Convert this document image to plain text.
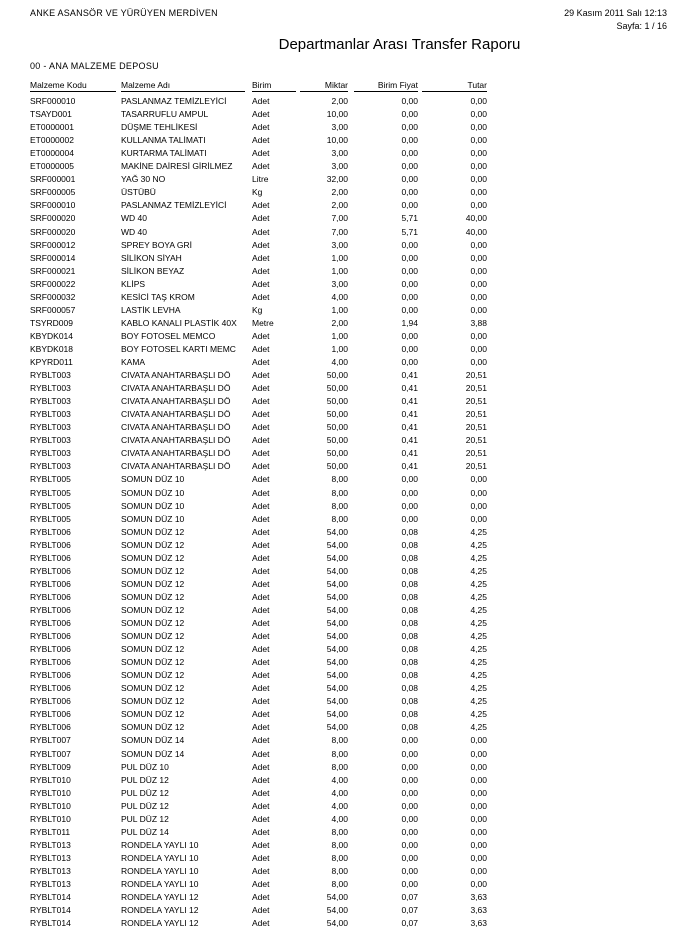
ANKE ASANSÖR VE YÜRÜYEN MERDİVEN	29 Kasım 2011 Salı 12:13
Sayfa: 1 / 16
Departmanlar Arası Transfer Raporu
00 - ANA MALZEME DEPOSU
Malzeme Kodu	Malzeme Adı	Birim	Miktar	Birim Fiyat	Tutar
SRF000010	PASLANMAZ TEMİZLEYİCİ	Adet	2,00	0,00	0,00
TSAYD001	TASARRUFLU AMPUL	Adet	10,00	0,00	0,00
ET0000001	DÜŞME TEHLİKESİ	Adet	3,00	0,00	0,00
ET0000002	KULLANMA TALİMATI	Adet	10,00	0,00	0,00
ET0000004	KURTARMA TALİMATI	Adet	3,00	0,00	0,00
ET0000005	MAKİNE DAİRESİ GİRİLMEZ	Adet	3,00	0,00	0,00
SRF000001	YAĞ 30 NO	Litre	32,00	0,00	0,00
SRF000005	ÜSTÜBÜ	Kg	2,00	0,00	0,00
SRF000010	PASLANMAZ TEMİZLEYİCİ	Adet	2,00	0,00	0,00
SRF000020	WD 40	Adet	7,00	5,71	40,00
SRF000020	WD 40	Adet	7,00	5,71	40,00
SRF000012	SPREY BOYA GRİ	Adet	3,00	0,00	0,00
SRF000014	SİLİKON SİYAH	Adet	1,00	0,00	0,00
SRF000021	SİLİKON BEYAZ	Adet	1,00	0,00	0,00
SRF000022	KLİPS	Adet	3,00	0,00	0,00
SRF000032	KESİCİ TAŞ KROM	Adet	4,00	0,00	0,00
SRF000057	LASTİK LEVHA	Kg	1,00	0,00	0,00
TSYRD009	KABLO KANALI PLASTİK 40X	Metre	2,00	1,94	3,88
KBYDK014	BOY FOTOSEL MEMCO	Adet	1,00	0,00	0,00
KBYDK018	BOY FOTOSEL KARTI MEMC	Adet	1,00	0,00	0,00
KPYRD011	KAMA	Adet	4,00	0,00	0,00
RYBLT003	CIVATA ANAHTARBAŞLI DÖ	Adet	50,00	0,41	20,51
RYBLT003	CIVATA ANAHTARBAŞLI DÖ	Adet	50,00	0,41	20,51
RYBLT003	CIVATA ANAHTARBAŞLI DÖ	Adet	50,00	0,41	20,51
RYBLT003	CIVATA ANAHTARBAŞLI DÖ	Adet	50,00	0,41	20,51
RYBLT003	CIVATA ANAHTARBAŞLI DÖ	Adet	50,00	0,41	20,51
RYBLT003	CIVATA ANAHTARBAŞLI DÖ	Adet	50,00	0,41	20,51
RYBLT003	CIVATA ANAHTARBAŞLI DÖ	Adet	50,00	0,41	20,51
RYBLT003	CIVATA ANAHTARBAŞLI DÖ	Adet	50,00	0,41	20,51
RYBLT005	SOMUN DÜZ 10	Adet	8,00	0,00	0,00
RYBLT005	SOMUN DÜZ 10	Adet	8,00	0,00	0,00
RYBLT005	SOMUN DÜZ 10	Adet	8,00	0,00	0,00
RYBLT005	SOMUN DÜZ 10	Adet	8,00	0,00	0,00
RYBLT006	SOMUN DÜZ 12	Adet	54,00	0,08	4,25
RYBLT006	SOMUN DÜZ 12	Adet	54,00	0,08	4,25
RYBLT006	SOMUN DÜZ 12	Adet	54,00	0,08	4,25
RYBLT006	SOMUN DÜZ 12	Adet	54,00	0,08	4,25
RYBLT006	SOMUN DÜZ 12	Adet	54,00	0,08	4,25
RYBLT006	SOMUN DÜZ 12	Adet	54,00	0,08	4,25
RYBLT006	SOMUN DÜZ 12	Adet	54,00	0,08	4,25
RYBLT006	SOMUN DÜZ 12	Adet	54,00	0,08	4,25
RYBLT006	SOMUN DÜZ 12	Adet	54,00	0,08	4,25
RYBLT006	SOMUN DÜZ 12	Adet	54,00	0,08	4,25
RYBLT006	SOMUN DÜZ 12	Adet	54,00	0,08	4,25
RYBLT006	SOMUN DÜZ 12	Adet	54,00	0,08	4,25
RYBLT006	SOMUN DÜZ 12	Adet	54,00	0,08	4,25
RYBLT006	SOMUN DÜZ 12	Adet	54,00	0,08	4,25
RYBLT006	SOMUN DÜZ 12	Adet	54,00	0,08	4,25
RYBLT006	SOMUN DÜZ 12	Adet	54,00	0,08	4,25
RYBLT007	SOMUN DÜZ 14	Adet	8,00	0,00	0,00
RYBLT007	SOMUN DÜZ 14	Adet	8,00	0,00	0,00
RYBLT009	PUL DÜZ 10	Adet	8,00	0,00	0,00
RYBLT010	PUL DÜZ 12	Adet	4,00	0,00	0,00
RYBLT010	PUL DÜZ 12	Adet	4,00	0,00	0,00
RYBLT010	PUL DÜZ 12	Adet	4,00	0,00	0,00
RYBLT010	PUL DÜZ 12	Adet	4,00	0,00	0,00
RYBLT011	PUL DÜZ 14	Adet	8,00	0,00	0,00
RYBLT013	RONDELA YAYLI 10	Adet	8,00	0,00	0,00
RYBLT013	RONDELA YAYLI 10	Adet	8,00	0,00	0,00
RYBLT013	RONDELA YAYLI 10	Adet	8,00	0,00	0,00
RYBLT013	RONDELA YAYLI 10	Adet	8,00	0,00	0,00
RYBLT014	RONDELA YAYLI 12	Adet	54,00	0,07	3,63
RYBLT014	RONDELA YAYLI 12	Adet	54,00	0,07	3,63
RYBLT014	RONDELA YAYLI 12	Adet	54,00	0,07	3,63
